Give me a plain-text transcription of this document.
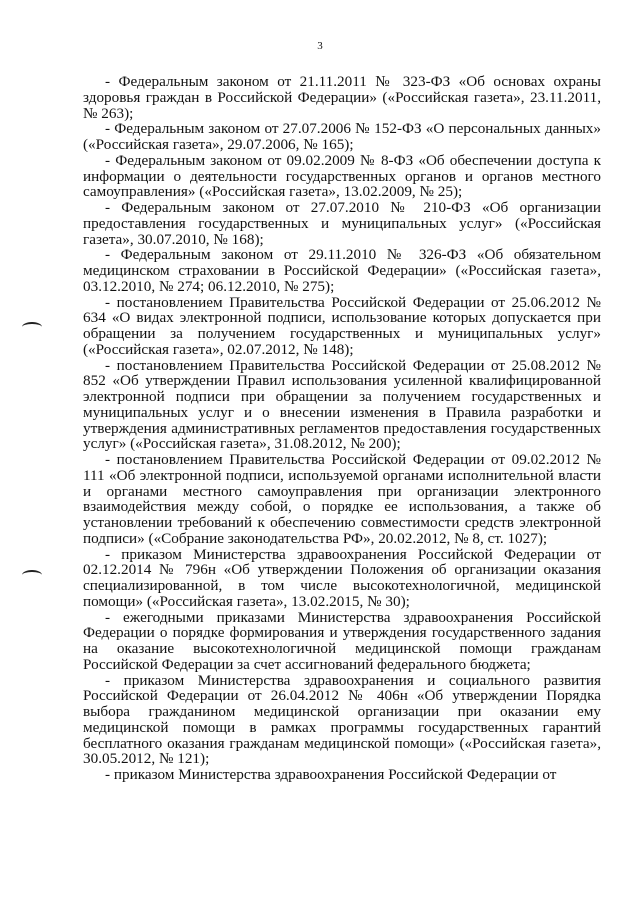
3

- Федеральным законом от 21.11.2011 № 323-ФЗ «Об основах охраны здоровья граждан в Российской Федерации» («Российская газета», 23.11.2011, № 263);

- Федеральным законом от 27.07.2006 № 152-ФЗ «О персональных данных» («Российская газета», 29.07.2006, № 165);

- Федеральным законом от 09.02.2009 № 8-ФЗ «Об обеспечении доступа к информации о деятельности государственных органов и органов местного самоуправления» («Российская газета», 13.02.2009, № 25);

- Федеральным законом от 27.07.2010 № 210-ФЗ «Об организации предоставления государственных и муниципальных услуг» («Российская газета», 30.07.2010, № 168);

- Федеральным законом от 29.11.2010 № 326-ФЗ «Об обязательном медицинском страховании в Российской Федерации» («Российская газета», 03.12.2010, № 274; 06.12.2010, № 275);

- постановлением Правительства Российской Федерации от 25.06.2012 № 634 «О видах электронной подписи, использование которых допускается при обращении за получением государственных и муниципальных услуг» («Российская газета», 02.07.2012, № 148);

- постановлением Правительства Российской Федерации от 25.08.2012 № 852 «Об утверждении Правил использования усиленной квалифицированной электронной подписи при обращении за получением государственных и муниципальных услуг и о внесении изменения в Правила разработки и утверждения административных регламентов предоставления государственных услуг» («Российская газета», 31.08.2012, № 200);

- постановлением Правительства Российской Федерации от 09.02.2012 № 111 «Об электронной подписи, используемой органами исполнительной власти и органами местного самоуправления при организации электронного взаимодействия между собой, о порядке ее использования, а также об установлении требований к обеспечению совместимости средств электронной подписи» («Собрание законодательства РФ», 20.02.2012, № 8, ст. 1027);

- приказом Министерства здравоохранения Российской Федерации от 02.12.2014 № 796н «Об утверждении Положения об организации оказания специализированной, в том числе высокотехнологичной, медицинской помощи» («Российская газета», 13.02.2015, № 30);

- ежегодными приказами Министерства здравоохранения Российской Федерации о порядке формирования и утверждения государственного задания на оказание высокотехнологичной медицинской помощи гражданам Российской Федерации за счет ассигнований федерального бюджета;

- приказом Министерства здравоохранения и социального развития Российской Федерации от 26.04.2012 № 406н «Об утверждении Порядка выбора гражданином медицинской организации при оказании ему медицинской помощи в рамках программы государственных гарантий бесплатного оказания гражданам медицинской помощи» («Российская газета», 30.05.2012, № 121);

- приказом Министерства здравоохранения Российской Федерации от
